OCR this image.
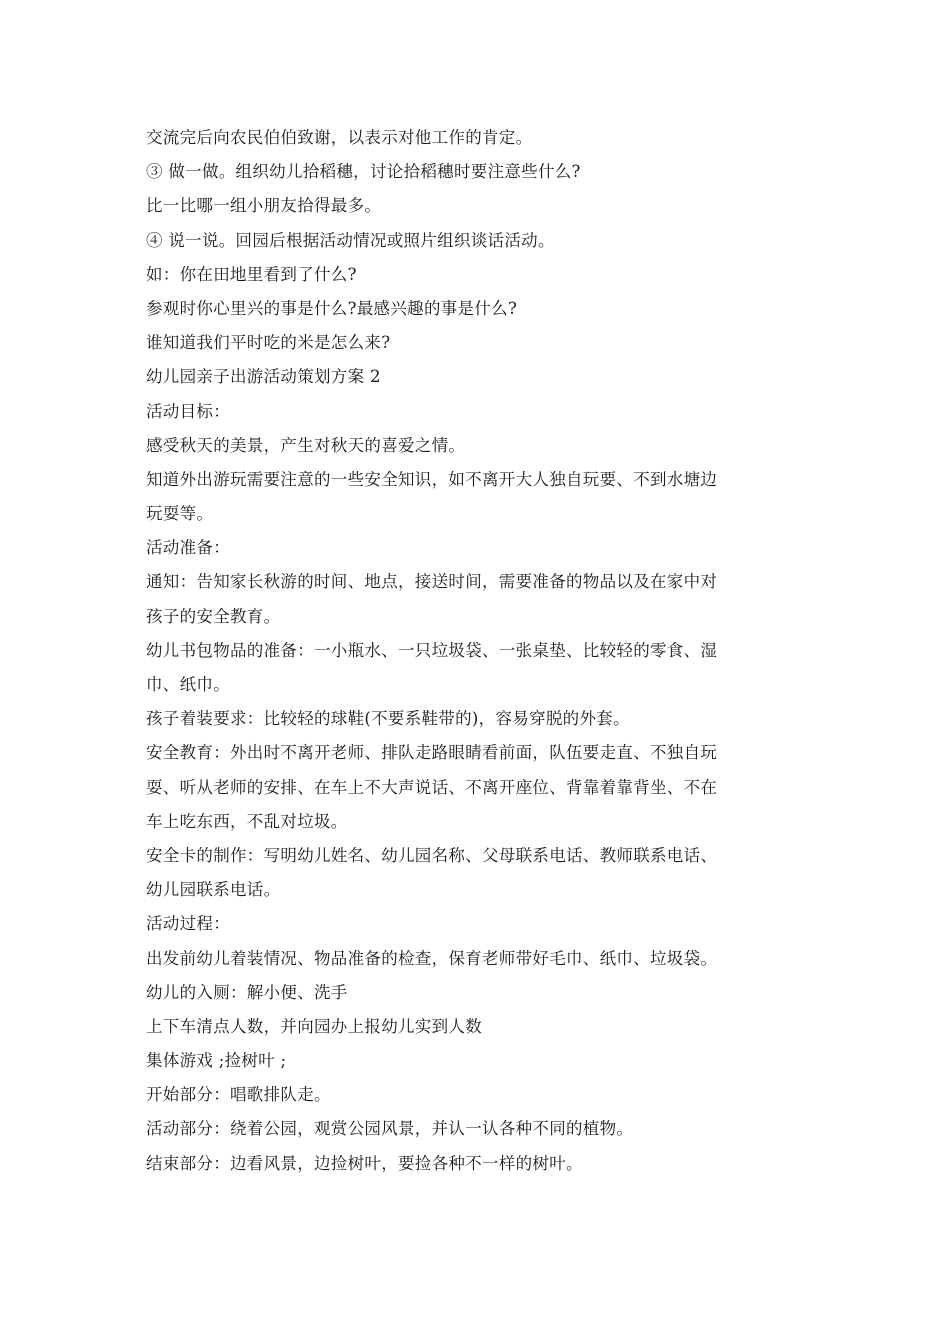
交流完后向农民伯伯致谢，以表示对他工作的肯定。
③ 做一做。组织幼儿拾稻穗，讨论拾稻穗时要注意些什么?
比一比哪一组小朋友拾得最多。
④ 说一说。回园后根据活动情况或照片组织谈话活动。
如：你在田地里看到了什么?
参观时你心里兴的事是什么?最感兴趣的事是什么?
谁知道我们平时吃的米是怎么来?
幼儿园亲子出游活动策划方案 2
活动目标：
感受秋天的美景，产生对秋天的喜爱之情。
知道外出游玩需要注意的一些安全知识，如不离开大人独自玩要、不到水塘边
玩耍等。
活动准备：
通知：告知家长秋游的时间、地点，接送时间，需要准备的物品以及在家中对
孩子的安全教育。
幼儿书包物品的准备：一小瓶水、一只垃圾袋、一张桌垫、比较轻的零食、湿
巾、纸巾。
孩子着装要求：比较轻的球鞋(不要系鞋带的)，容易穿脱的外套。
安全教育：外出时不离开老师、排队走路眼睛看前面，队伍要走直、不独自玩
耍、听从老师的安排、在车上不大声说话、不离开座位、背靠着靠背坐、不在
车上吃东西，不乱对垃圾。
安全卡的制作：写明幼儿姓名、幼儿园名称、父母联系电话、教师联系电话、
幼儿园联系电话。
活动过程：
出发前幼儿着装情况、物品准备的检查，保育老师带好毛巾、纸巾、垃圾袋。
幼儿的入厕：解小便、洗手
上下车清点人数，并向园办上报幼儿实到人数
集体游戏 ;捡树叶 ;
开始部分：唱歌排队走。
活动部分：绕着公园，观赏公园风景，并认一认各种不同的植物。
结束部分：边看风景，边捡树叶，要捡各种不一样的树叶。
